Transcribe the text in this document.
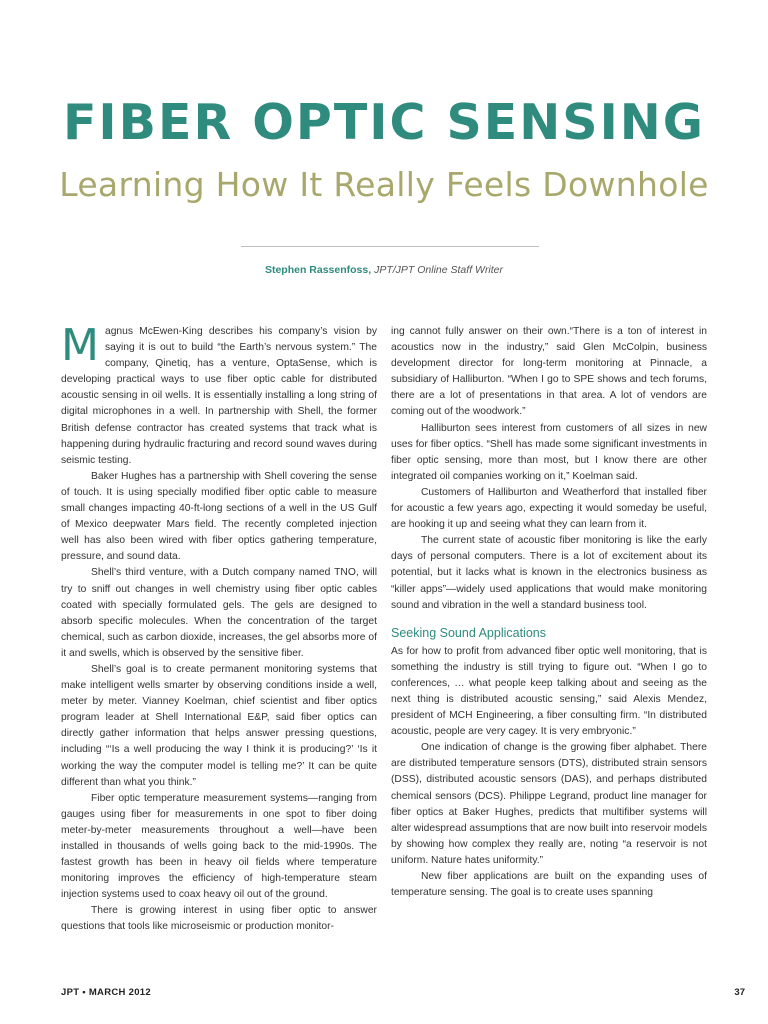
FIBER OPTIC SENSING
Learning How It Really Feels Downhole
Stephen Rassenfoss, JPT/JPT Online Staff Writer

Magnus McEwen-King describes his company’s vision by saying it is out to build “the Earth’s nervous system.” The company, Qinetiq, has a venture, OptaSense, which is developing practical ways to use fiber optic cable for distributed acoustic sensing in oil wells. It is essentially installing a long string of digital microphones in a well. In partnership with Shell, the former British defense contractor has created systems that track what is happening during hydraulic fracturing and record sound waves during seismic testing.

Baker Hughes has a partnership with Shell covering the sense of touch. It is using specially modified fiber optic cable to measure small changes impacting 40-ft-long sections of a well in the US Gulf of Mexico deepwater Mars field. The recently completed injection well has also been wired with fiber optics gathering temperature, pressure, and sound data.

Shell’s third venture, with a Dutch company named TNO, will try to sniff out changes in well chemistry using fiber optic cables coated with specially formulated gels. The gels are designed to absorb specific molecules. When the concentration of the target chemical, such as carbon dioxide, increases, the gel absorbs more of it and swells, which is observed by the sensitive fiber.

Shell’s goal is to create permanent monitoring systems that make intelligent wells smarter by observing conditions inside a well, meter by meter. Vianney Koelman, chief scientist and fiber optics program leader at Shell International E&P, said fiber optics can directly gather information that helps answer pressing questions, including “‘Is a well producing the way I think it is producing?’ ‘Is it working the way the computer model is telling me?’ It can be quite different than what you think.”

Fiber optic temperature measurement systems—ranging from gauges using fiber for measurements in one spot to fiber doing meter-by-meter measurements throughout a well—have been installed in thousands of wells going back to the mid-1990s. The fastest growth has been in heavy oil fields where temperature monitoring improves the efficiency of high-temperature steam injection systems used to coax heavy oil out of the ground.

There is growing interest in using fiber optic to answer questions that tools like microseismic or production monitor-

ing cannot fully answer on their own.“There is a ton of interest in acoustics now in the industry,” said Glen McColpin, business development director for long-term monitoring at Pinnacle, a subsidiary of Halliburton. “When I go to SPE shows and tech forums, there are a lot of presentations in that area. A lot of vendors are coming out of the woodwork.”

Halliburton sees interest from customers of all sizes in new uses for fiber optics. “Shell has made some significant investments in fiber optic sensing, more than most, but I know there are other integrated oil companies working on it,” Koelman said.

Customers of Halliburton and Weatherford that installed fiber for acoustic a few years ago, expecting it would someday be useful, are hooking it up and seeing what they can learn from it.

The current state of acoustic fiber monitoring is like the early days of personal computers. There is a lot of excitement about its potential, but it lacks what is known in the electronics business as “killer apps”—widely used applications that would make monitoring sound and vibration in the well a standard business tool.

Seeking Sound Applications

As for how to profit from advanced fiber optic well monitoring, that is something the industry is still trying to figure out. “When I go to conferences, … what people keep talking about and seeing as the next thing is distributed acoustic sensing,” said Alexis Mendez, president of MCH Engineering, a fiber consulting firm. “In distributed acoustic, people are very cagey. It is very embryonic.”

One indication of change is the growing fiber alphabet. There are distributed temperature sensors (DTS), distributed strain sensors (DSS), distributed acoustic sensors (DAS), and perhaps distributed chemical sensors (DCS). Philippe Legrand, product line manager for fiber optics at Baker Hughes, predicts that multifiber systems will alter widespread assumptions that are now built into reservoir models by showing how complex they really are, noting “a reservoir is not uniform. Nature hates uniformity.”

New fiber applications are built on the expanding uses of temperature sensing. The goal is to create uses spanning

JPT • MARCH 2012	37
